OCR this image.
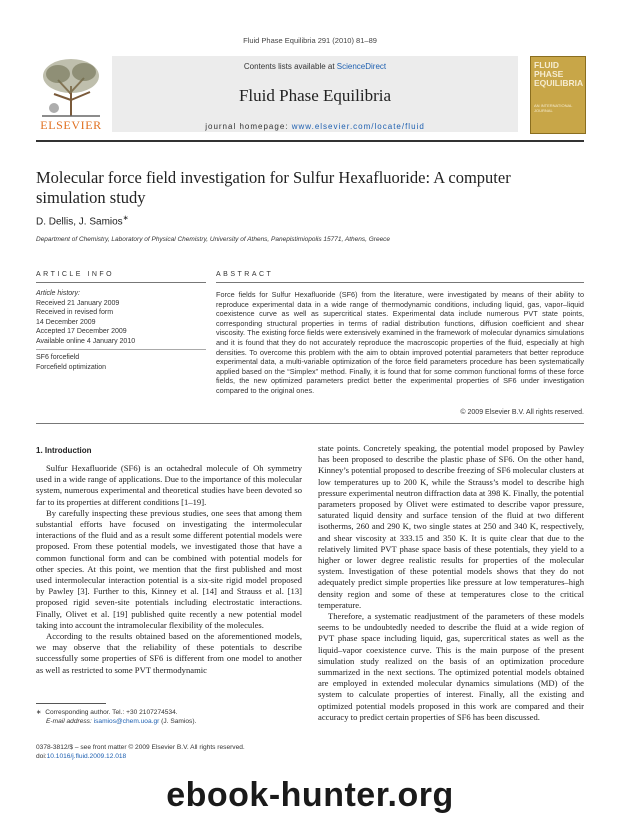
Fluid Phase Equilibria 291 (2010) 81–89
ELSEVIER
Contents lists available at ScienceDirect
Fluid Phase Equilibria
journal homepage: www.elsevier.com/locate/fluid
FLUID PHASE
EQUILIBRIA
AN INTERNATIONAL JOURNAL
Molecular force field investigation for Sulfur Hexafluoride: A computer simulation study
D. Dellis, J. Samios∗
Department of Chemistry, Laboratory of Physical Chemistry, University of Athens, Panepistimiopolis 15771, Athens, Greece
ARTICLE INFO	ABSTRACT
Article history:
Received 21 January 2009
Received in revised form
14 December 2009
Accepted 17 December 2009
Available online 4 January 2010
SF6 forcefield
Forcefield optimization
Force fields for Sulfur Hexafluoride (SF6) from the literature, were investigated by means of their ability to reproduce experimental data in a wide range of thermodynamic conditions, including liquid, gas, vapor–liquid coexistence curve as well as supercritical states. Experimental data include numerous PVT state points, corresponding structural properties in terms of radial distribution functions, diffusion coefficient and shear viscosity. The existing force fields were extensively examined in the framework of molecular dynamics simulations and it is found that they do not accurately reproduce the macroscopic properties of the fluid, especially at high densities. To overcome this problem with the aim to obtain improved potential parameters that better reproduce experimental data, a multi-variable optimization of the force field parameters procedure has been systematically applied based on the “Simplex” method. Finally, it is found that for some common functional forms of these force fields, the new optimized parameters predict better the experimental properties of SF6 under investigation compared to the original ones.
© 2009 Elsevier B.V. All rights reserved.
1. Introduction

Sulfur Hexafluoride (SF6) is an octahedral molecule of Oh symmetry used in a wide range of applications. Due to the importance of this molecular system, numerous experimental and theoretical studies have been devoted so far to its properties at different conditions [1–19].

By carefully inspecting these previous studies, one sees that among them substantial efforts have focused on investigating the intermolecular interactions of the fluid and as a result some different potential models were proposed. From these potential models, we investigated those that have a common functional form and can be combined with potential models for other species. At this point, we mention that the first published and most used intermolecular interaction potential is a six-site rigid model proposed by Pawley [3]. Further to this, Kinney et al. [14] and Strauss et al. [13] proposed rigid seven-site potentials including electrostatic interactions. Finally, Olivet et al. [19] published quite recently a new potential model taking into account the intramolecular flexibility of the molecules.

According to the results obtained based on the aforementioned models, we may observe that the reliability of these potentials to describe successfully some properties of SF6 is different from one model to another as well as restricted to some PVT thermodynamic

state points. Concretely speaking, the potential model proposed by Pawley has been proposed to describe the plastic phase of SF6. On the other hand, Kinney’s potential proposed to describe freezing of SF6 molecular clusters at low temperatures up to 200 K, while the Strauss’s model to describe high pressure experimental neutron diffraction data at 398 K. Finally, the potential parameters proposed by Olivet were estimated to describe vapor pressure, saturated liquid density and surface tension of the fluid at two different isotherms, 260 and 290 K, two single states at 250 and 340 K, respectively, and shear viscosity at 333.15 and 350 K. It is quite clear that due to the relatively limited PVT phase space basis of these potentials, they yield to a higher or lower degree realistic results for properties of the molecular system. Investigation of these potential models shows that they do not adequately predict simple properties like pressure at low temperatures–high density region and some of these at temperatures close to the critical temperature.

Therefore, a systematic readjustment of the parameters of these models seems to be undoubtedly needed to describe the fluid at a wide region of PVT phase space including liquid, gas, supercritical states as well as the liquid–vapor coexistence curve. This is the main purpose of the present simulation study realized on the basis of an optimization procedure summarized in the next sections. The optimized potential models obtained are employed in extended molecular dynamics simulations (MD) of the system to calculate properties of interest. Finally, all the existing and optimized potential models proposed in this work are compared and their accuracy to predict certain properties of SF6 has been discussed.

∗ Corresponding author. Tel.: +30 2107274534.
E-mail address: isamios@chem.uoa.gr (J. Samios).
0378-3812/$ – see front matter © 2009 Elsevier B.V. All rights reserved.
doi:10.1016/j.fluid.2009.12.018
ebook-hunter.org
